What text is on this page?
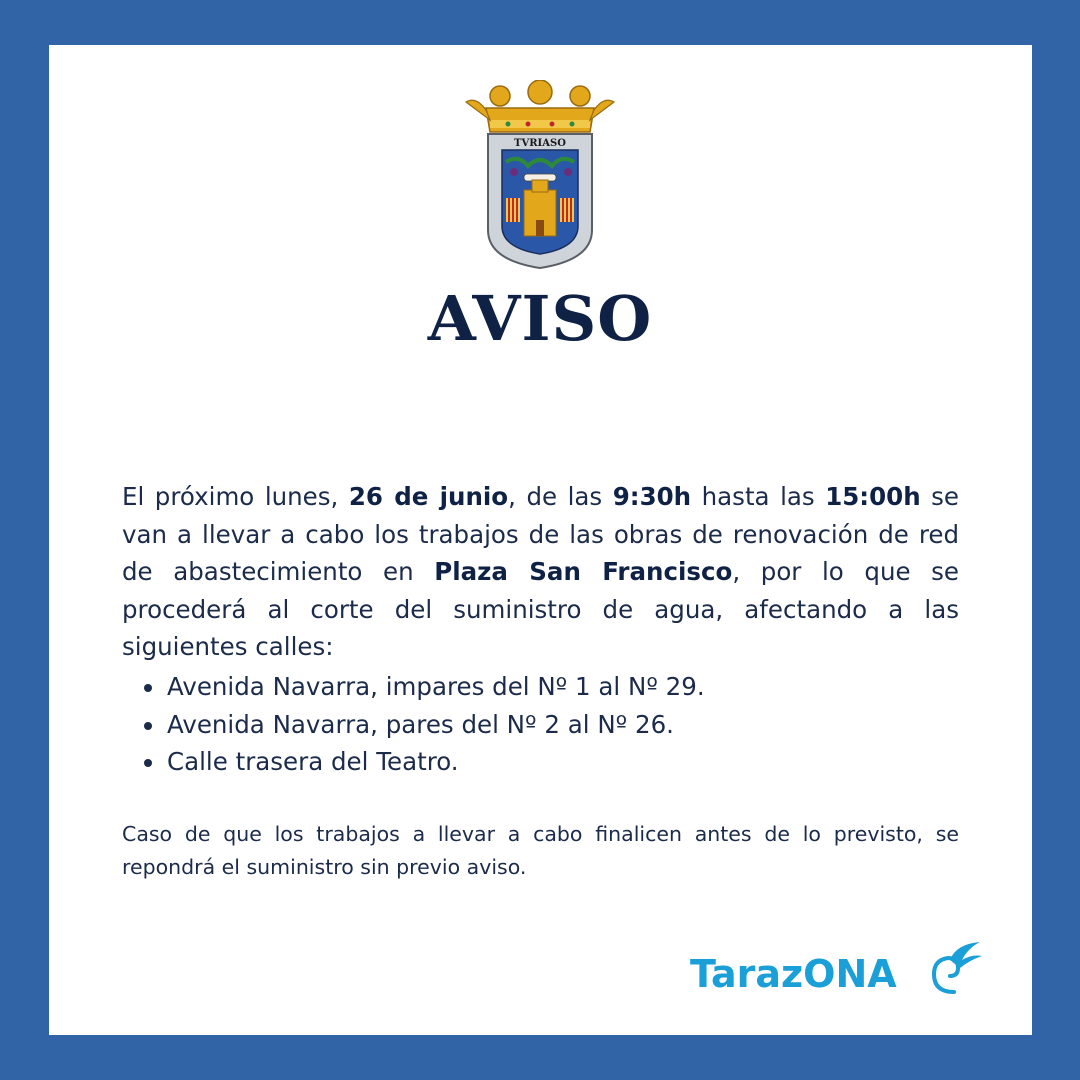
TVRIASO
AVISO

El próximo lunes, 26 de junio, de las 9:30h hasta las 15:00h se van a llevar a cabo los trabajos de las obras de renovación de red de abastecimiento en Plaza San Francisco, por lo que se procederá al corte del suministro de agua, afectando a las siguientes calles:

Avenida Navarra, impares del Nº 1 al Nº 29.
Avenida Navarra, pares del Nº 2 al Nº 26.
Calle trasera del Teatro.

Caso de que los trabajos a llevar a cabo finalicen antes de lo previsto, se repondrá el suministro sin previo aviso.

TarazONA
